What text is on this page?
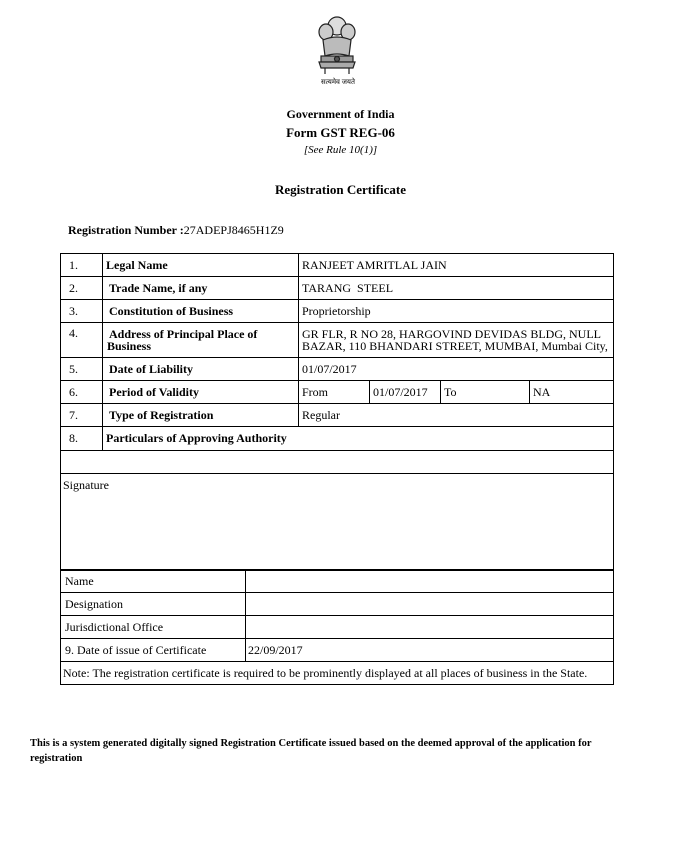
सत्यमेव जयते
Government of India
Form GST REG-06
[See Rule 10(1)]
Registration Certificate
Registration Number :27ADEPJ8465H1Z9
1.	Legal Name	RANJEET AMRITLAL JAIN			
2.	Trade Name, if any	TARANG  STEEL			
3.	Constitution of Business	Proprietorship			
4.	Address of Principal Place of Business	GR FLR, R NO 28, HARGOVIND DEVIDAS BLDG, NULL BAZAR, 110 BHANDARI STREET, MUMBAI, Mumbai City,			
5.	Date of Liability	01/07/2017			
6.	Period of Validity	From	01/07/2017	To	NA
7.	Type of Registration	Regular			
8.	Particulars of Approving Authority				

Signature					
Name	
Designation	
Jurisdictional Office	
9. Date of issue of Certificate	22/09/2017
Note: The registration certificate is required to be prominently displayed at all places of business in the State.	
This is a system generated digitally signed Registration Certificate issued based on the deemed approval of the application for registration
